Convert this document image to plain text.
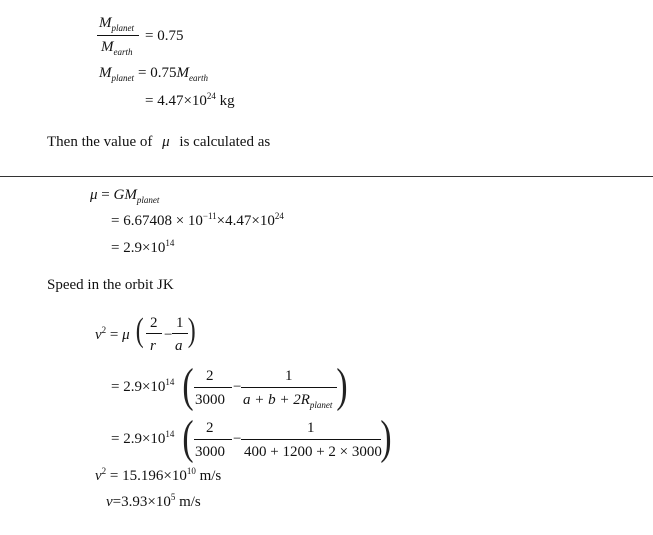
$M_{planet}$
$M_{earth}$
= 0.75
$M_{planet} = 0.75M_{earth}$
= $4.47\times 10^{24}$ kg
Then the value of μ is calculated as
$\mu = GM_{planet}$
= $6.67408 \times 10^{-11}\times 4.47\times 10^{24}$
= $2.9\times 10^{14}$
Speed in the orbit JK
$v^2 = \mu$ ( 2
r
−
1
a )
= $2.9\times 10^{14}$ ( 2
3000
−
1
$a + b + 2R_{planet}$ )
= $2.9\times 10^{14}$ ( 2
3000
−
1
400 + 1200 + 2 × 3000
)
$v^2 = 15.196\times 10^{10}$ m/s
$v=3.93\times 10^5$ m/s
